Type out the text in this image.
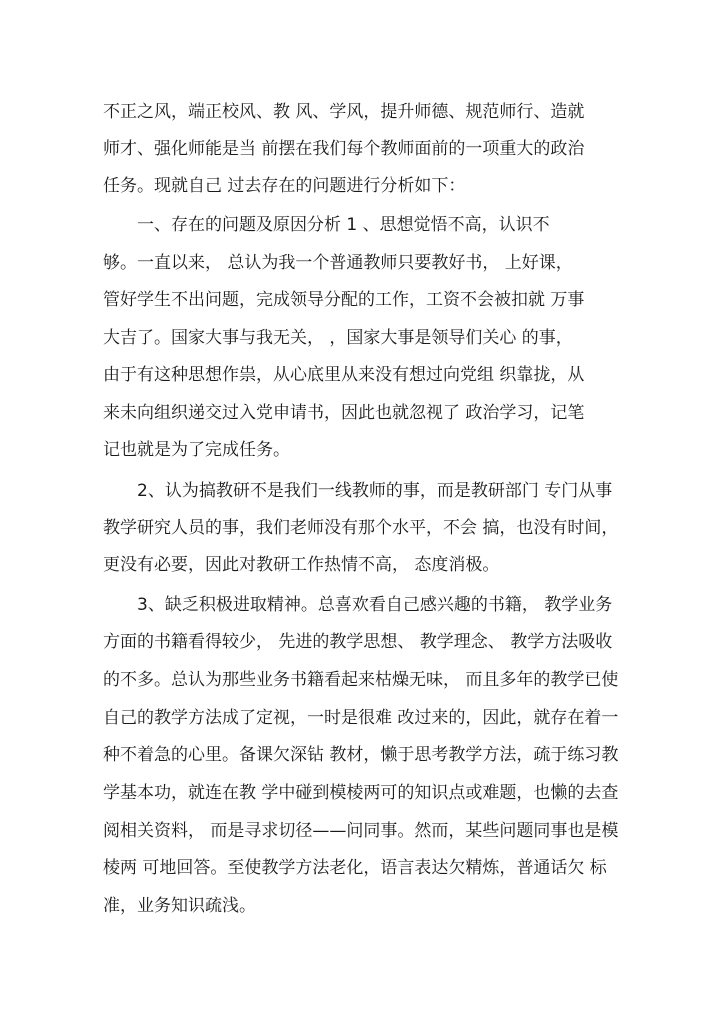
不正之风，端正校风、教 风、学风，提升师德、规范师行、造就
师才、强化师能是当 前摆在我们每个教师面前的一项重大的政治
任务。现就自己 过去存在的问题进行分析如下：
一、存在的问题及原因分析 1 、思想觉悟不高，认识不
够。一直以来， 总认为我一个普通教师只要教好书， 上好课，
管好学生不出问题，完成领导分配的工作，工资不会被扣就 万事
大吉了。国家大事与我无关， ，国家大事是领导们关心 的事，
由于有这种思想作祟，从心底里从来没有想过向党组 织靠拢，从
来未向组织递交过入党申请书，因此也就忽视了 政治学习，记笔
记也就是为了完成任务。
2、认为搞教研不是我们一线教师的事，而是教研部门 专门从事
教学研究人员的事，我们老师没有那个水平，不会 搞，也没有时间，
更没有必要，因此对教研工作热情不高， 态度消极。
3、缺乏积极进取精神。总喜欢看自己感兴趣的书籍， 教学业务
方面的书籍看得较少， 先进的教学思想、 教学理念、 教学方法吸收
的不多。总认为那些业务书籍看起来枯燥无味， 而且多年的教学已使
自己的教学方法成了定视，一时是很难 改过来的，因此，就存在着一
种不着急的心里。备课欠深钻 教材，懒于思考教学方法，疏于练习教
学基本功，就连在教 学中碰到模棱两可的知识点或难题，也懒的去查
阅相关资料， 而是寻求切径——问同事。然而，某些问题同事也是模
棱两 可地回答。至使教学方法老化，语言表达欠精炼，普通话欠 标
准，业务知识疏浅。
